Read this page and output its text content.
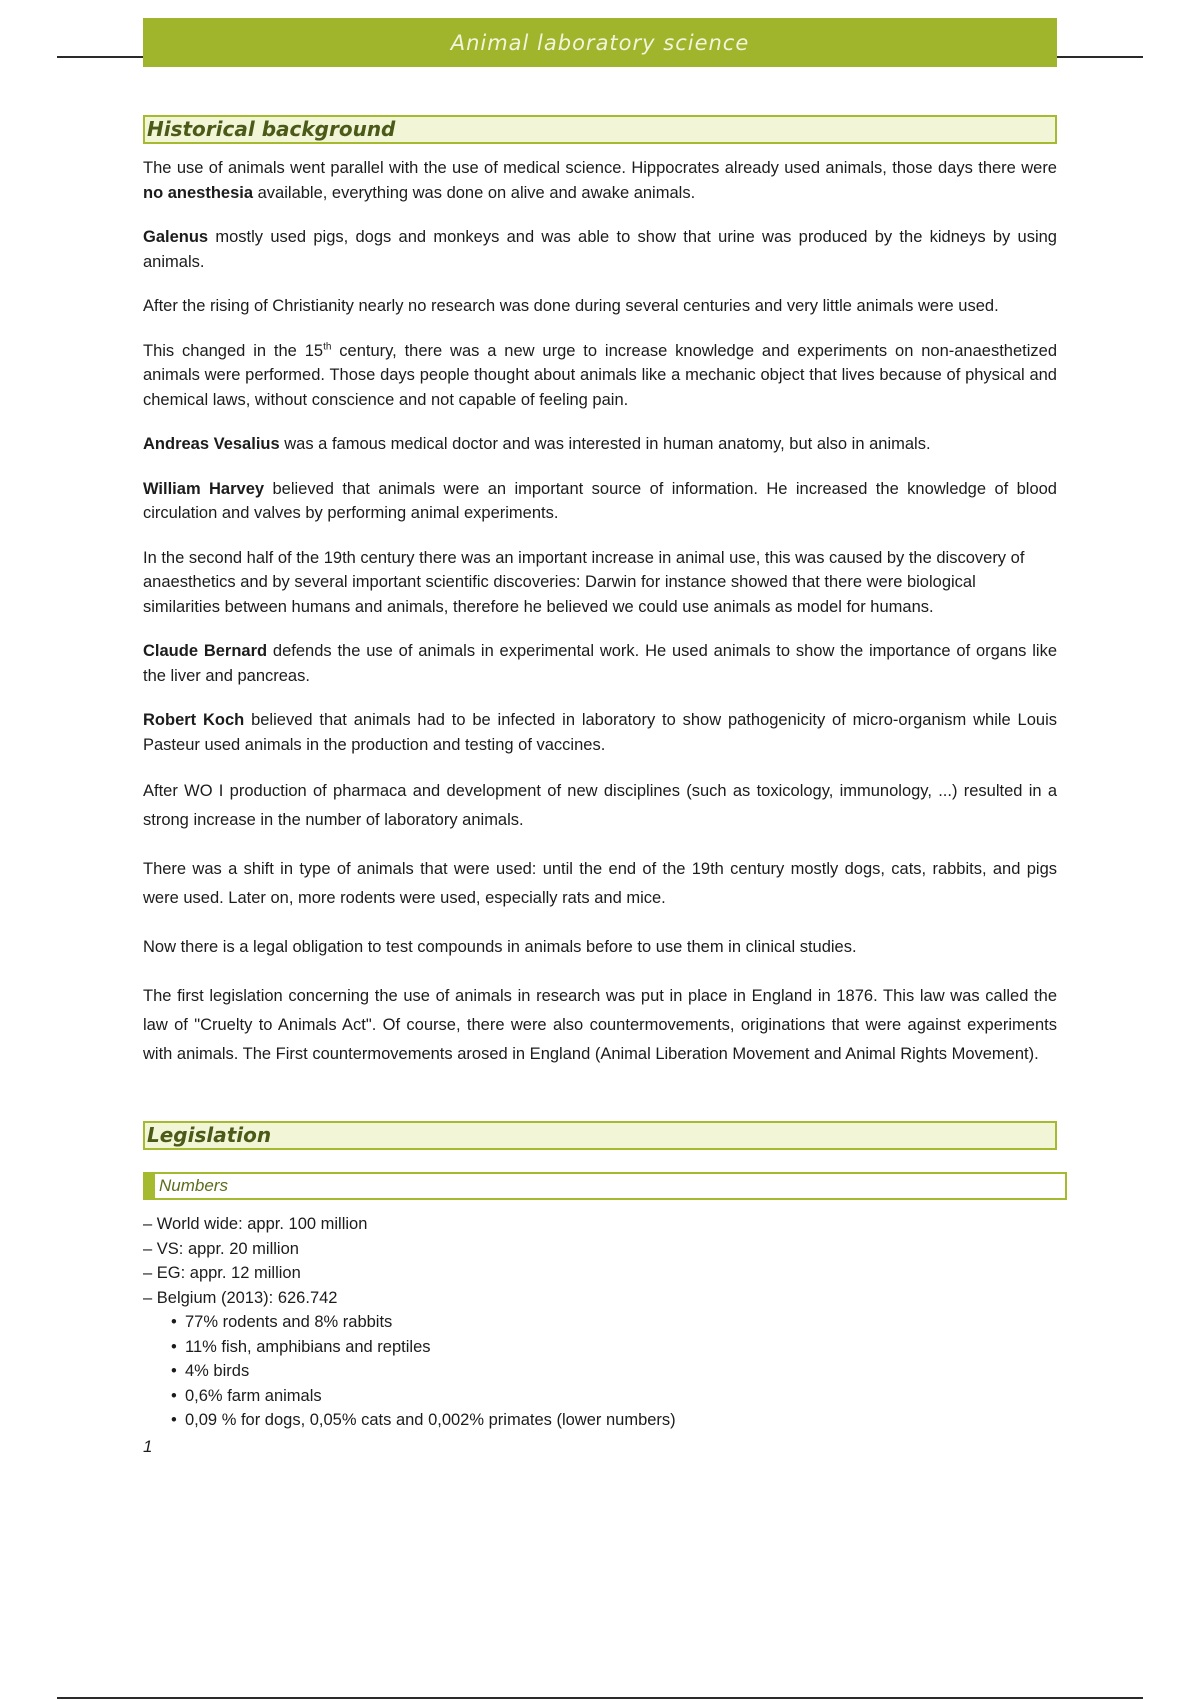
Animal laboratory science
Historical background

The use of animals went parallel with the use of medical science. Hippocrates already used animals, those days there were no anesthesia available, everything was done on alive and awake animals.

Galenus mostly used pigs, dogs and monkeys and was able to show that urine was produced by the kidneys by using animals.

After the rising of Christianity nearly no research was done during several centuries and very little animals were used.

This changed in the 15th century, there was a new urge to increase knowledge and experiments on non-anaesthetized animals were performed. Those days people thought about animals like a mechanic object that lives because of physical and chemical laws, without conscience and not capable of feeling pain.

Andreas Vesalius was a famous medical doctor and was interested in human anatomy, but also in animals.

William Harvey believed that animals were an important source of information. He increased the knowledge of blood circulation and valves by performing animal experiments.

In the second half of the 19th century there was an important increase in animal use, this was caused by the discovery of anaesthetics and by several important scientific discoveries: Darwin for instance showed that there were biological similarities between humans and animals, therefore he believed we could use animals as model for humans.

Claude Bernard defends the use of animals in experimental work. He used animals to show the importance of organs like the liver and pancreas.

Robert Koch believed that animals had to be infected in laboratory to show pathogenicity of micro-organism while Louis Pasteur used animals in the production and testing of vaccines.

After WO I production of pharmaca and development of new disciplines (such as toxicology, immunology, ...) resulted in a strong increase in the number of laboratory animals.

There was a shift in type of animals that were used: until the end of the 19th century mostly dogs, cats, rabbits, and pigs were used. Later on, more rodents were used, especially rats and mice.

Now there is a legal obligation to test compounds in animals before to use them in clinical studies.

The first legislation concerning the use of animals in research was put in place in England in 1876. This law was called the law of "Cruelty to Animals Act". Of course, there were also countermovements, originations that were against experiments with animals. The First countermovements arosed in England (Animal Liberation Movement and Animal Rights Movement).

Legislation
Numbers
– World wide: appr. 100 million
– VS: appr. 20 million
– EG: appr. 12 million
– Belgium (2013): 626.742
• 77% rodents and 8% rabbits
• 11% fish, amphibians and reptiles
• 4% birds
• 0,6% farm animals
• 0,09 % for dogs, 0,05% cats and 0,002% primates (lower numbers)
1
